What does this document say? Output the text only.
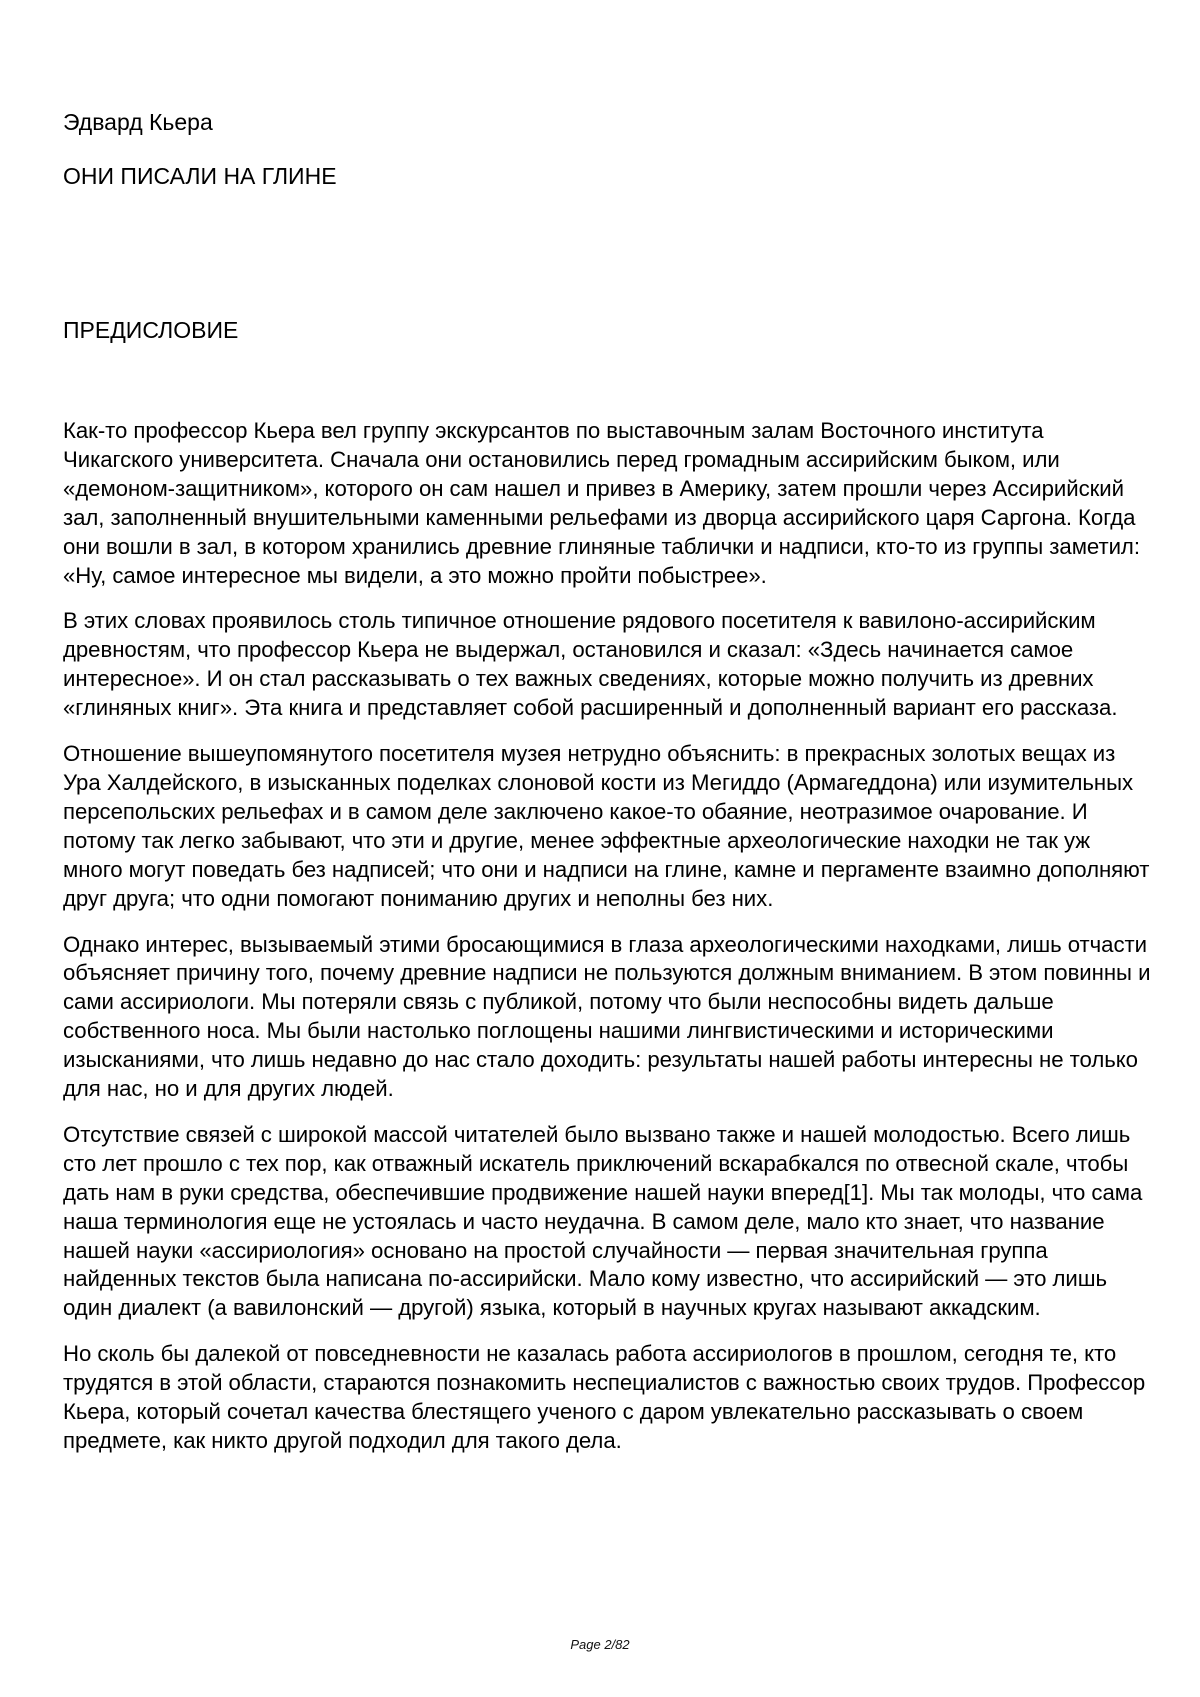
Эдвард Кьера
ОНИ ПИСАЛИ НА ГЛИНЕ
ПРЕДИСЛОВИЕ

Как-то профессор Кьера вел группу экскурсантов по выставочным залам Восточного института Чикагского университета. Сначала они остановились перед громадным ассирийским быком, или «демоном-защитником», которого он сам нашел и привез в Америку, затем прошли через Ассирийский зал, заполненный внушительными каменными рельефами из дворца ассирийского царя Саргона. Когда они вошли в зал, в котором хранились древние глиняные таблички и надписи, кто-то из группы заметил: «Ну, самое интересное мы видели, а это можно пройти побыстрее».

В этих словах проявилось столь типичное отношение рядового посетителя к вавилоно-ассирийским древностям, что профессор Кьера не выдержал, остановился и сказал: «Здесь начинается самое интересное». И он стал рассказывать о тех важных сведениях, которые можно получить из древних «глиняных книг». Эта книга и представляет собой расширенный и дополненный вариант его рассказа.

Отношение вышеупомянутого посетителя музея нетрудно объяснить: в прекрасных золотых вещах из Ура Халдейского, в изысканных поделках слоновой кости из Мегиддо (Армагеддона) или изумительных персепольских рельефах и в самом деле заключено какое-то обаяние, неотразимое очарование. И потому так легко забывают, что эти и другие, менее эффектные археологические находки не так уж много могут поведать без надписей; что они и надписи на глине, камне и пергаменте взаимно дополняют друг друга; что одни помогают пониманию других и неполны без них.

Однако интерес, вызываемый этими бросающимися в глаза археологическими находками, лишь отчасти объясняет причину того, почему древние надписи не пользуются должным вниманием. В этом повинны и сами ассириологи. Мы потеряли связь с публикой, потому что были неспособны видеть дальше собственного носа. Мы были настолько поглощены нашими лингвистическими и историческими изысканиями, что лишь недавно до нас стало доходить: результаты нашей работы интересны не только для нас, но и для других людей.

Отсутствие связей с широкой массой читателей было вызвано также и нашей молодостью. Всего лишь сто лет прошло с тех пор, как отважный искатель приключений вскарабкался по отвесной скале, чтобы дать нам в руки средства, обеспечившие продвижение нашей науки вперед[1]. Мы так молоды, что сама наша терминология еще не устоялась и часто неудачна. В самом деле, мало кто знает, что название нашей науки «ассириология» основано на простой случайности — первая значительная группа найденных текстов была написана по-ассирийски. Мало кому известно, что ассирийский — это лишь один диалект (а вавилонский — другой) языка, который в научных кругах называют аккадским.

Но сколь бы далекой от повседневности не казалась работа ассириологов в прошлом, сегодня те, кто трудятся в этой области, стараются познакомить неспециалистов с важностью своих трудов. Профессор Кьера, который сочетал качества блестящего ученого с даром увлекательно рассказывать о своем предмете, как никто другой подходил для такого дела.

Page 2/82
